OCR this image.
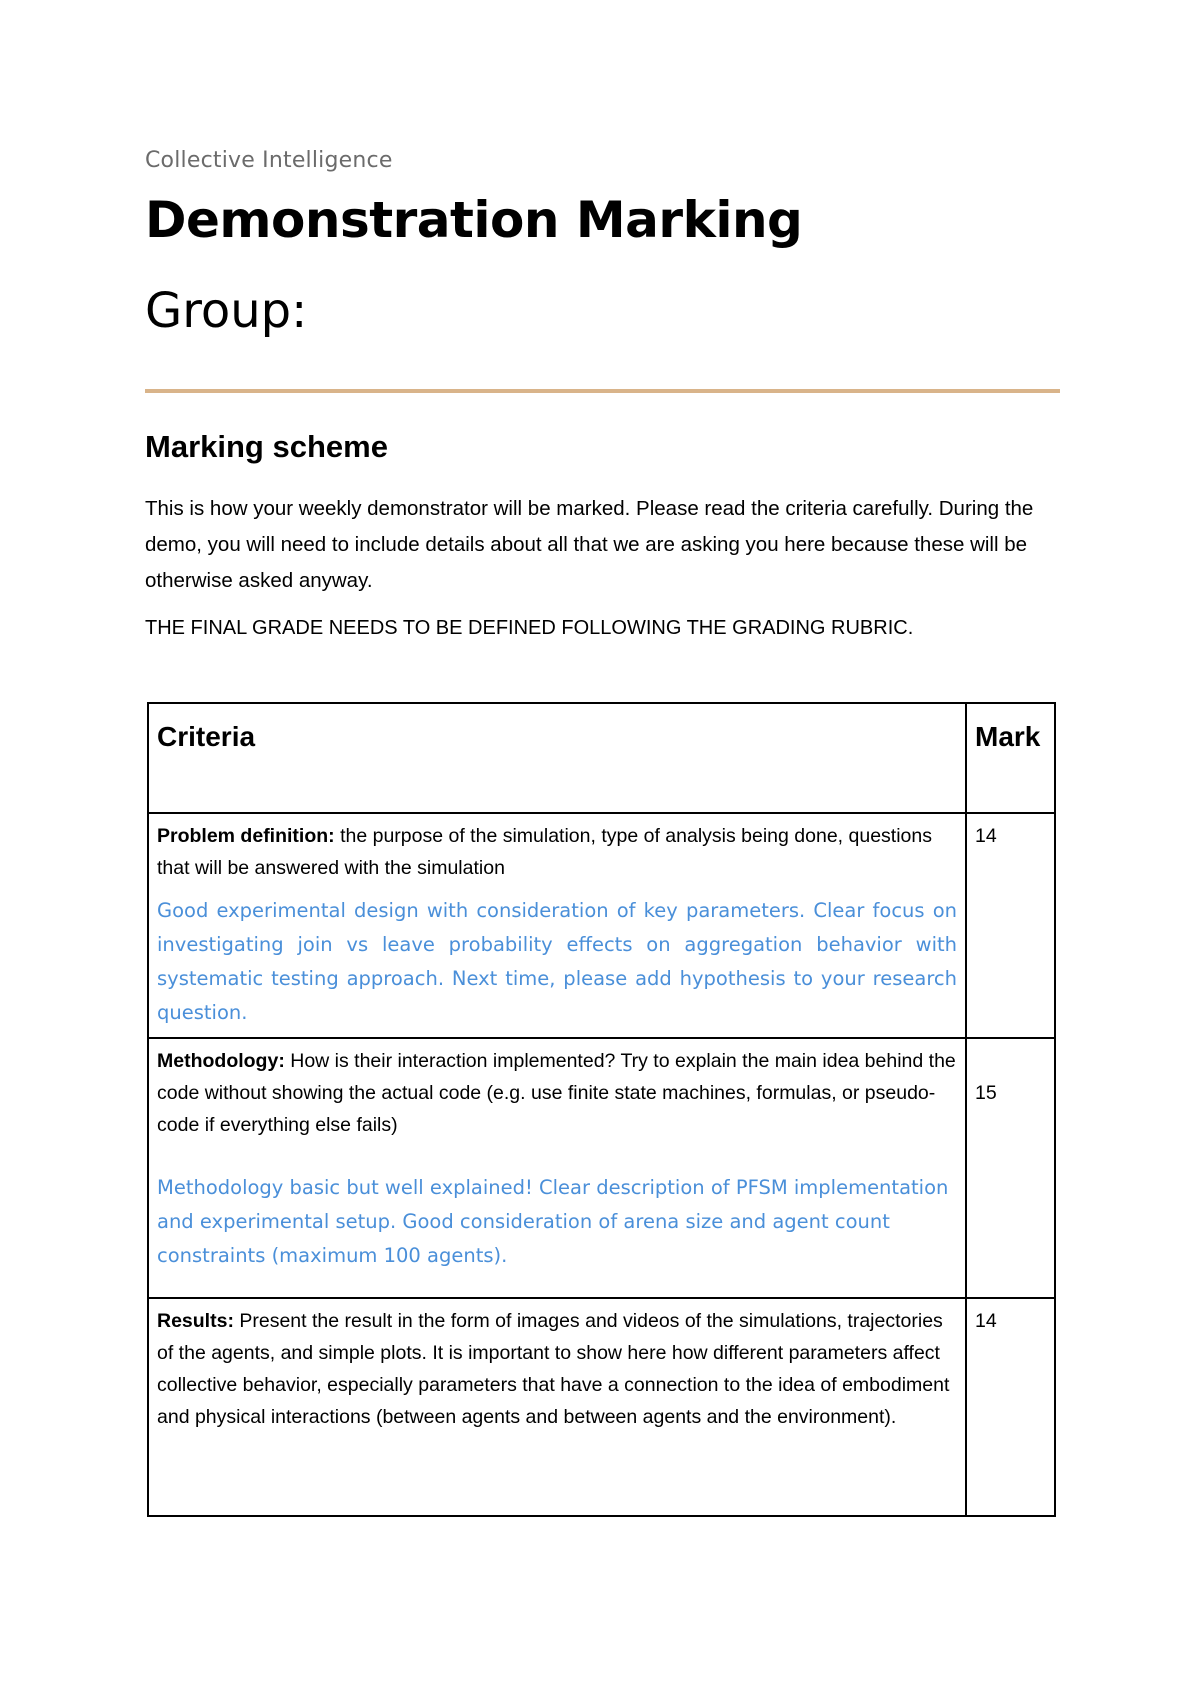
Collective Intelligence
Demonstration Marking
Group:
Marking scheme
This is how your weekly demonstrator will be marked. Please read the criteria carefully. During the demo, you will need to include details about all that we are asking you here because these will be otherwise asked anyway.
THE FINAL GRADE NEEDS TO BE DEFINED FOLLOWING THE GRADING RUBRIC.
Criteria	Mark

Problem definition: the purpose of the simulation, type of analysis being done, questions that will be answered with the simulation
Good experimental design with consideration of key parameters. Clear focus on investigating join vs leave probability effects on aggregation behavior with systematic testing approach. Next time, please add hypothesis to your research question.	14

Methodology: How is their interaction implemented? Try to explain the main idea behind the code without showing the actual code (e.g. use finite state machines, formulas, or pseudo-code if everything else fails)
Methodology basic but well explained! Clear description of PFSM implementation and experimental setup. Good consideration of arena size and agent count constraints (maximum 100 agents).	15

Results: Present the result in the form of images and videos of the simulations, trajectories of the agents, and simple plots. It is important to show here how different parameters affect collective behavior, especially parameters that have a connection to the idea of embodiment and physical interactions (between agents and between agents and the environment).	14
